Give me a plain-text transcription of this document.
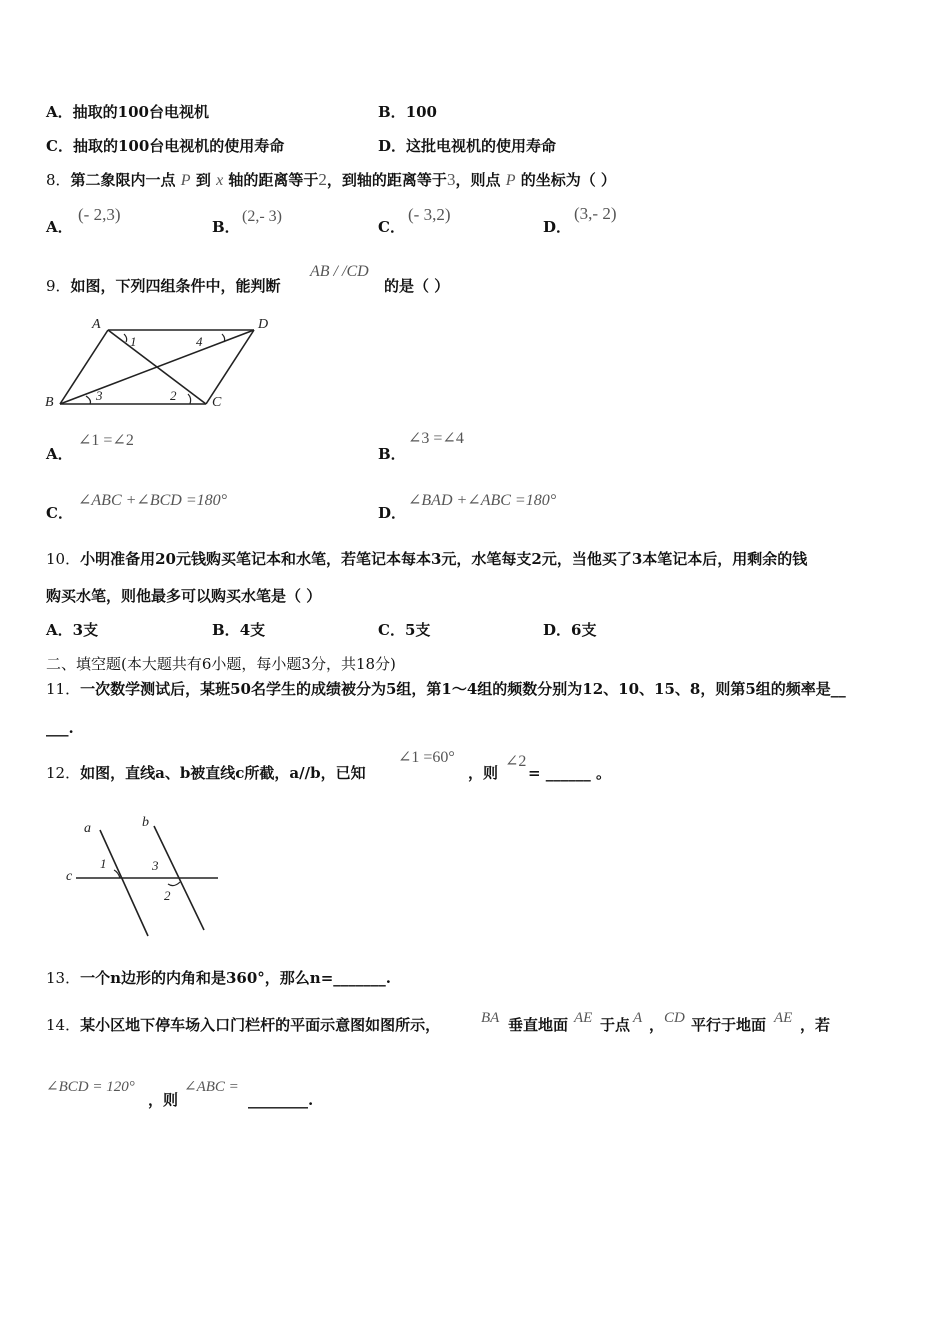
A．抽取的100台电视机	B．100
C．抽取的100台电视机的使用寿命	D．这批电视机的使用寿命
8．第二象限内一点 P 到 x 轴的距离等于2，到轴的距离等于3，则点 P 的坐标为（ ）
A．
(- 2,3)
B．
(2,- 3)
C．
(- 3,2)
D．
(3,- 2)
9．如图，下列四组条件中，能判断
AB / /CD
的是（ ）
A	D
B	C
1	4
3	2
A．
∠1 =∠2
B．
∠3 =∠4
C．
∠ABC +∠BCD =180°
D．
∠BAD +∠ABC =180°
10．小明准备用20元钱购买笔记本和水笔，若笔记本每本3元，水笔每支2元，当他买了3本笔记本后，用剩余的钱
购买水笔，则他最多可以购买水笔是（ ）
A．3支	B．4支	C．5支	D．6支
二、填空题(本大题共有6小题，每小题3分，共18分)
11．一次数学测试后，某班50名学生的成绩被分为5组，第1～4组的频数分别为12、10、15、8，则第5组的频率是__
___.
12．如图，直线a、b被直线c所截，a//b，已知
∠1 =60°
，则
∠2
= ______ 。
a	b
c
1	3
2
13．一个n边形的内角和是360°，那么n=_______.
14．某小区地下停车场入口门栏杆的平面示意图如图所示，	BA 垂直地面 AE 于点 A ， CD 平行于地面 AE ，若
∠BCD = 120°
，则
∠ABC =
________.
